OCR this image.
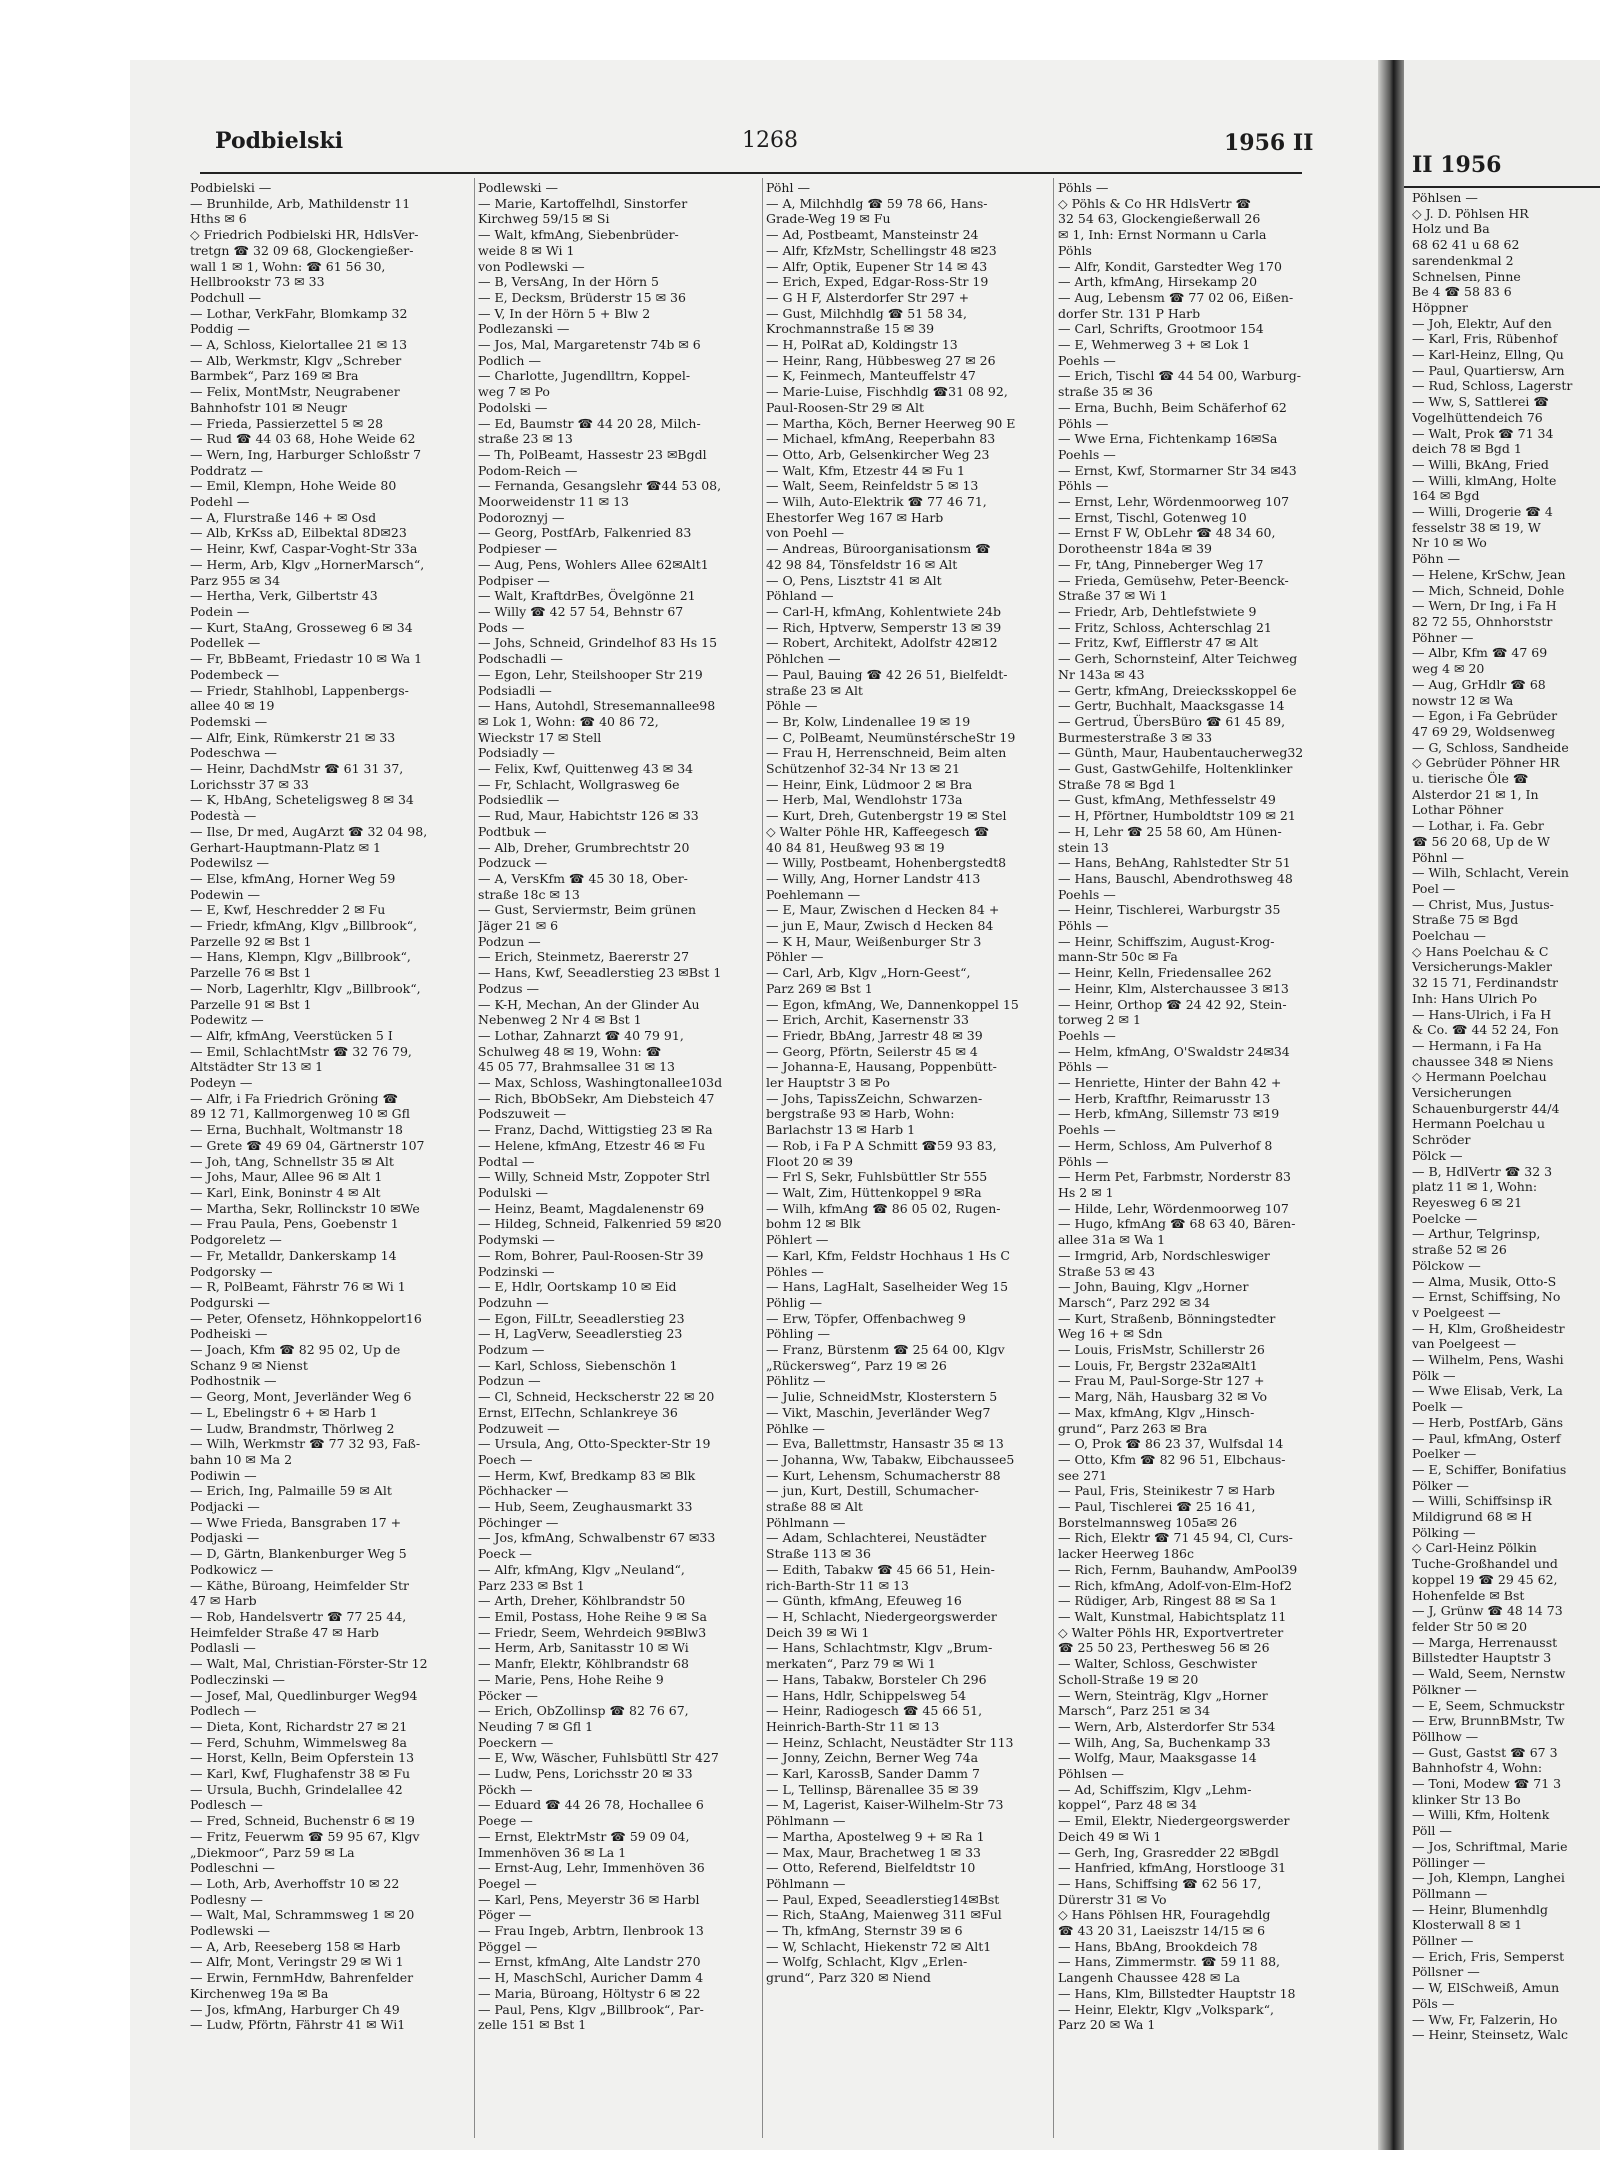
Podbielski	1268	1956 II
II 1956
Podbielski —
— Brunhilde, Arb, Mathildenstr 11
Hths ✉ 6
◇ Friedrich Podbielski HR, HdlsVer-
tretgn ☎ 32 09 68, Glockengießer-
wall 1 ✉ 1, Wohn: ☎ 61 56 30,
Hellbrookstr 73 ✉ 33
Podchull —
— Lothar, VerkFahr, Blomkamp 32
Poddig —
— A, Schloss, Kielortallee 21 ✉ 13
— Alb, Werkmstr, Klgv „Schreber
Barmbek“, Parz 169 ✉ Bra
— Felix, MontMstr, Neugrabener
Bahnhofstr 101 ✉ Neugr
— Frieda, Passierzettel 5 ✉ 28
— Rud ☎ 44 03 68, Hohe Weide 62
— Wern, Ing, Harburger Schloßstr 7
Poddratz —
— Emil, Klempn, Hohe Weide 80
Podehl —
— A, Flurstraße 146 + ✉ Osd
— Alb, KrKss aD, Eilbektal 8D✉23
— Heinr, Kwf, Caspar-Voght-Str 33a
— Herm, Arb, Klgv „HornerMarsch“,
Parz 955 ✉ 34
— Hertha, Verk, Gilbertstr 43
Podein —
— Kurt, StaAng, Grosseweg 6 ✉ 34
Podellek —
— Fr, BbBeamt, Friedastr 10 ✉ Wa 1
Podembeck —
— Friedr, Stahlhobl, Lappenbergs-
allee 40 ✉ 19
Podemski —
— Alfr, Eink, Rümkerstr 21 ✉ 33
Podeschwa —
— Heinr, DachdMstr ☎ 61 31 37,
Lorichsstr 37 ✉ 33
— K, HbAng, Scheteligsweg 8 ✉ 34
Podestà —
— Ilse, Dr med, AugArzt ☎ 32 04 98,
Gerhart-Hauptmann-Platz ✉ 1
Podewilsz —
— Else, kfmAng, Horner Weg 59
Podewin —
— E, Kwf, Heschredder 2 ✉ Fu
— Friedr, kfmAng, Klgv „Billbrook“,
Parzelle 92 ✉ Bst 1
— Hans, Klempn, Klgv „Billbrook“,
Parzelle 76 ✉ Bst 1
— Norb, Lagerhltr, Klgv „Billbrook“,
Parzelle 91 ✉ Bst 1
Podewitz —
— Alfr, kfmAng, Veerstücken 5 I
— Emil, SchlachtMstr ☎ 32 76 79,
Altstädter Str 13 ✉ 1
Podeyn —
— Alfr, i Fa Friedrich Gröning ☎
89 12 71, Kallmorgenweg 10 ✉ Gfl
— Erna, Buchhalt, Woltmanstr 18
— Grete ☎ 49 69 04, Gärtnerstr 107
— Joh, tAng, Schnellstr 35 ✉ Alt
— Johs, Maur, Allee 96 ✉ Alt 1
— Karl, Eink, Boninstr 4 ✉ Alt
— Martha, Sekr, Rollinckstr 10 ✉We
— Frau Paula, Pens, Goebenstr 1
Podgoreletz —
— Fr, Metalldr, Dankerskamp 14
Podgorsky —
— R, PolBeamt, Fährstr 76 ✉ Wi 1
Podgurski —
— Peter, Ofensetz, Höhnkoppelort16
Podheiski —
— Joach, Kfm ☎ 82 95 02, Up de
Schanz 9 ✉ Nienst
Podhostnik —
— Georg, Mont, Jeverländer Weg 6
— L, Ebelingstr 6 + ✉ Harb 1
— Ludw, Brandmstr, Thörlweg 2
— Wilh, Werkmstr ☎ 77 32 93, Faß-
bahn 10 ✉ Ma 2
Podiwin —
— Erich, Ing, Palmaille 59 ✉ Alt
Podjacki —
— Wwe Frieda, Bansgraben 17 +
Podjaski —
— D, Gärtn, Blankenburger Weg 5
Podkowicz —
— Käthe, Büroang, Heimfelder Str
47 ✉ Harb
— Rob, Handelsvertr ☎ 77 25 44,
Heimfelder Straße 47 ✉ Harb
Podlasli —
— Walt, Mal, Christian-Förster-Str 12
Podleczinski —
— Josef, Mal, Quedlinburger Weg94
Podlech —
— Dieta, Kont, Richardstr 27 ✉ 21
— Ferd, Schuhm, Wimmelsweg 8a
— Horst, Kelln, Beim Opferstein 13
— Karl, Kwf, Flughafenstr 38 ✉ Fu
— Ursula, Buchh, Grindelallee 42
Podlesch —
— Fred, Schneid, Buchenstr 6 ✉ 19
— Fritz, Feuerwm ☎ 59 95 67, Klgv
„Diekmoor“, Parz 59 ✉ La
Podleschni —
— Loth, Arb, Averhoffstr 10 ✉ 22
Podlesny —
— Walt, Mal, Schrammsweg 1 ✉ 20
Podlewski —
— A, Arb, Reeseberg 158 ✉ Harb
— Alfr, Mont, Veringstr 29 ✉ Wi 1
— Erwin, FernmHdw, Bahrenfelder
Kirchenweg 19a ✉ Ba
— Jos, kfmAng, Harburger Ch 49
— Ludw, Pförtn, Fährstr 41 ✉ Wi1
Podlewski —
— Marie, Kartoffelhdl, Sinstorfer
Kirchweg 59/15 ✉ Si
— Walt, kfmAng, Siebenbrüder-
weide 8 ✉ Wi 1
von Podlewski —
— B, VersAng, In der Hörn 5
— E, Decksm, Brüderstr 15 ✉ 36
— V, In der Hörn 5 + Blw 2
Podlezanski —
— Jos, Mal, Margaretenstr 74b ✉ 6
Podlich —
— Charlotte, Jugendlltrn, Koppel-
weg 7 ✉ Po
Podolski —
— Ed, Baumstr ☎ 44 20 28, Milch-
straße 23 ✉ 13
— Th, PolBeamt, Hassestr 23 ✉Bgdl
Podom-Reich —
— Fernanda, Gesangslehr ☎44 53 08,
Moorweidenstr 11 ✉ 13
Podoroznyj —
— Georg, PostfArb, Falkenried 83
Podpieser —
— Aug, Pens, Wohlers Allee 62✉Alt1
Podpiser —
— Walt, KraftdrBes, Övelgönne 21
— Willy ☎ 42 57 54, Behnstr 67
Pods —
— Johs, Schneid, Grindelhof 83 Hs 15
Podschadli —
— Egon, Lehr, Steilshooper Str 219
Podsiadli —
— Hans, Autohdl, Stresemannallee98
✉ Lok 1, Wohn: ☎ 40 86 72,
Wieckstr 17 ✉ Stell
Podsiadly —
— Felix, Kwf, Quittenweg 43 ✉ 34
— Fr, Schlacht, Wollgrasweg 6e
Podsiedlik —
— Rud, Maur, Habichtstr 126 ✉ 33
Podtbuk —
— Alb, Dreher, Grumbrechtstr 20
Podzuck —
— A, VersKfm ☎ 45 30 18, Ober-
straße 18c ✉ 13
— Gust, Serviermstr, Beim grünen
Jäger 21 ✉ 6
Podzun —
— Erich, Steinmetz, Baererstr 27
— Hans, Kwf, Seeadlerstieg 23 ✉Bst 1
Podzus —
— K-H, Mechan, An der Glinder Au
Nebenweg 2 Nr 4 ✉ Bst 1
— Lothar, Zahnarzt ☎ 40 79 91,
Schulweg 48 ✉ 19, Wohn: ☎
45 05 77, Brahmsallee 31 ✉ 13
— Max, Schloss, Washingtonallee103d
— Rich, BbObSekr, Am Diebsteich 47
Podszuweit —
— Franz, Dachd, Wittigstieg 23 ✉ Ra
— Helene, kfmAng, Etzestr 46 ✉ Fu
Podtal —
— Willy, Schneid Mstr, Zoppoter Strl
Podulski —
— Heinz, Beamt, Magdalenenstr 69
— Hildeg, Schneid, Falkenried 59 ✉20
Podymski —
— Rom, Bohrer, Paul-Roosen-Str 39
Podzinski —
— E, Hdlr, Oortskamp 10 ✉ Eid
Podzuhn —
— Egon, FilLtr, Seeadlerstieg 23
— H, LagVerw, Seeadlerstieg 23
Podzum —
— Karl, Schloss, Siebenschön 1
Podzun —
— Cl, Schneid, Heckscherstr 22 ✉ 20
Ernst, ElTechn, Schlankreye 36
Podzuweit —
— Ursula, Ang, Otto-Speckter-Str 19
Poech —
— Herm, Kwf, Bredkamp 83 ✉ Blk
Pöchhacker —
— Hub, Seem, Zeughausmarkt 33
Pöchinger —
— Jos, kfmAng, Schwalbenstr 67 ✉33
Poeck —
— Alfr, kfmAng, Klgv „Neuland“,
Parz 233 ✉ Bst 1
— Arth, Dreher, Köhlbrandstr 50
— Emil, Postass, Hohe Reihe 9 ✉ Sa
— Friedr, Seem, Wehrdeich 9✉Blw3
— Herm, Arb, Sanitasstr 10 ✉ Wi
— Manfr, Elektr, Köhlbrandstr 68
— Marie, Pens, Hohe Reihe 9
Pöcker —
— Erich, ObZollinsp ☎ 82 76 67,
Neuding 7 ✉ Gfl 1
Poeckern —
— E, Ww, Wäscher, Fuhlsbüttl Str 427
— Ludw, Pens, Lorichsstr 20 ✉ 33
Pöckh —
— Eduard ☎ 44 26 78, Hochallee 6
Poege —
— Ernst, ElektrMstr ☎ 59 09 04,
Immenhöven 36 ✉ La 1
— Ernst-Aug, Lehr, Immenhöven 36
Poegel —
— Karl, Pens, Meyerstr 36 ✉ Harbl
Pöger —
— Frau Ingeb, Arbtrn, Ilenbrook 13
Pöggel —
— Ernst, kfmAng, Alte Landstr 270
— H, MaschSchl, Auricher Damm 4
— Maria, Büroang, Höltystr 6 ✉ 22
— Paul, Pens, Klgv „Billbrook“, Par-
zelle 151 ✉ Bst 1
Pöhl —
— A, Milchhdlg ☎ 59 78 66, Hans-
Grade-Weg 19 ✉ Fu
— Ad, Postbeamt, Mansteinstr 24
— Alfr, KfzMstr, Schellingstr 48 ✉23
— Alfr, Optik, Eupener Str 14 ✉ 43
— Erich, Exped, Edgar-Ross-Str 19
— G H F, Alsterdorfer Str 297 +
— Gust, Milchhdlg ☎ 51 58 34,
Krochmannstraße 15 ✉ 39
— H, PolRat aD, Koldingstr 13
— Heinr, Rang, Hübbesweg 27 ✉ 26
— K, Feinmech, Manteuffelstr 47
— Marie-Luise, Fischhdlg ☎31 08 92,
Paul-Roosen-Str 29 ✉ Alt
— Martha, Köch, Berner Heerweg 90 E
— Michael, kfmAng, Reeperbahn 83
— Otto, Arb, Gelsenkircher Weg 23
— Walt, Kfm, Etzestr 44 ✉ Fu 1
— Walt, Seem, Reinfeldstr 5 ✉ 13
— Wilh, Auto-Elektrik ☎ 77 46 71,
Ehestorfer Weg 167 ✉ Harb
von Poehl —
— Andreas, Büroorganisationsm ☎
42 98 84, Tönsfeldstr 16 ✉ Alt
— O, Pens, Lisztstr 41 ✉ Alt
Pöhland —
— Carl-H, kfmAng, Kohlentwiete 24b
— Rich, Hptverw, Semperstr 13 ✉ 39
— Robert, Architekt, Adolfstr 42✉12
Pöhlchen —
— Paul, Bauing ☎ 42 26 51, Bielfeldt-
straße 23 ✉ Alt
Pöhle —
— Br, Kolw, Lindenallee 19 ✉ 19
— C, PolBeamt, NeumünstérscheStr 19
— Frau H, Herrenschneid, Beim alten
Schützenhof 32-34 Nr 13 ✉ 21
— Heinr, Eink, Lüdmoor 2 ✉ Bra
— Herb, Mal, Wendlohstr 173a
— Kurt, Dreh, Gutenbergstr 19 ✉ Stel
◇ Walter Pöhle HR, Kaffeegesch ☎
40 84 81, Heußweg 93 ✉ 19
— Willy, Postbeamt, Hohenbergstedt8
— Willy, Ang, Horner Landstr 413
Poehlemann —
— E, Maur, Zwischen d Hecken 84 +
— jun E, Maur, Zwisch d Hecken 84
— K H, Maur, Weißenburger Str 3
Pöhler —
— Carl, Arb, Klgv „Horn-Geest“,
Parz 269 ✉ Bst 1
— Egon, kfmAng, We, Dannenkoppel 15
— Erich, Archit, Kasernenstr 33
— Friedr, BbAng, Jarrestr 48 ✉ 39
— Georg, Pförtn, Seilerstr 45 ✉ 4
— Johanna-E, Hausang, Poppenbütt-
ler Hauptstr 3 ✉ Po
— Johs, TapissZeichn, Schwarzen-
bergstraße 93 ✉ Harb, Wohn:
Barlachstr 13 ✉ Harb 1
— Rob, i Fa P A Schmitt ☎59 93 83,
Floot 20 ✉ 39
— Frl S, Sekr, Fuhlsbüttler Str 555
— Walt, Zim, Hüttenkoppel 9 ✉Ra
— Wilh, kfmAng ☎ 86 05 02, Rugen-
bohm 12 ✉ Blk
Pöhlert —
— Karl, Kfm, Feldstr Hochhaus 1 Hs C
Pöhles —
— Hans, LagHalt, Saselheider Weg 15
Pöhlig —
— Erw, Töpfer, Offenbachweg 9
Pöhling —
— Franz, Bürstenm ☎ 25 64 00, Klgv
„Rückersweg“, Parz 19 ✉ 26
Pöhlitz —
— Julie, SchneidMstr, Klosterstern 5
— Vikt, Maschin, Jeverländer Weg7
Pöhlke —
— Eva, Ballettmstr, Hansastr 35 ✉ 13
— Johanna, Ww, Tabakw, Eibchaussee5
— Kurt, Lehensm, Schumacherstr 88
— jun, Kurt, Destill, Schumacher-
straße 88 ✉ Alt
Pöhlmann —
— Adam, Schlachterei, Neustädter
Straße 113 ✉ 36
— Edith, Tabakw ☎ 45 66 51, Hein-
rich-Barth-Str 11 ✉ 13
— Günth, kfmAng, Efeuweg 16
— H, Schlacht, Niedergeorgswerder
Deich 39 ✉ Wi 1
— Hans, Schlachtmstr, Klgv „Brum-
merkaten“, Parz 79 ✉ Wi 1
— Hans, Tabakw, Borsteler Ch 296
— Hans, Hdlr, Schippelsweg 54
— Heinr, Radiogesch ☎ 45 66 51,
Heinrich-Barth-Str 11 ✉ 13
— Heinz, Schlacht, Neustädter Str 113
— Jonny, Zeichn, Berner Weg 74a
— Karl, KarossB, Sander Damm 7
— L, Tellinsp, Bärenallee 35 ✉ 39
— M, Lagerist, Kaiser-Wilhelm-Str 73
Pöhlmann —
— Martha, Apostelweg 9 + ✉ Ra 1
— Max, Maur, Brachetweg 1 ✉ 33
— Otto, Referend, Bielfeldtstr 10
Pöhlmann —
— Paul, Exped, Seeadlerstieg14✉Bst
— Rich, StaAng, Maienweg 311 ✉Ful
— Th, kfmAng, Sternstr 39 ✉ 6
— W, Schlacht, Hiekenstr 72 ✉ Alt1
— Wolfg, Schlacht, Klgv „Erlen-
grund“, Parz 320 ✉ Niend
Pöhls —
◇ Pöhls & Co HR HdlsVertr ☎
32 54 63, Glockengießerwall 26
✉ 1, Inh: Ernst Normann u Carla
Pöhls
— Alfr, Kondit, Garstedter Weg 170
— Arth, kfmAng, Hirsekamp 20
— Aug, Lebensm ☎ 77 02 06, Eißen-
dorfer Str. 131 P Harb
— Carl, Schrifts, Grootmoor 154
— E, Wehmerweg 3 + ✉ Lok 1
Poehls —
— Erich, Tischl ☎ 44 54 00, Warburg-
straße 35 ✉ 36
— Erna, Buchh, Beim Schäferhof 62
Pöhls —
— Wwe Erna, Fichtenkamp 16✉Sa
Poehls —
— Ernst, Kwf, Stormarner Str 34 ✉43
Pöhls —
— Ernst, Lehr, Wördenmoorweg 107
— Ernst, Tischl, Gotenweg 10
— Ernst F W, ObLehr ☎ 48 34 60,
Dorotheenstr 184a ✉ 39
— Fr, tAng, Pinneberger Weg 17
— Frieda, Gemüsehw, Peter-Beenck-
Straße 37 ✉ Wi 1
— Friedr, Arb, Dehtlefstwiete 9
— Fritz, Schloss, Achterschlag 21
— Fritz, Kwf, Eifflerstr 47 ✉ Alt
— Gerh, Schornsteinf, Alter Teichweg
Nr 143a ✉ 43
— Gertr, kfmAng, Dreiecksskoppel 6e
— Gertr, Buchhalt, Maacksgasse 14
— Gertrud, ÜbersBüro ☎ 61 45 89,
Burmesterstraße 3 ✉ 33
— Günth, Maur, Haubentaucherweg32
— Gust, GastwGehilfe, Holtenklinker
Straße 78 ✉ Bgd 1
— Gust, kfmAng, Methfesselstr 49
— H, Pförtner, Humboldtstr 109 ✉ 21
— H, Lehr ☎ 25 58 60, Am Hünen-
stein 13
— Hans, BehAng, Rahlstedter Str 51
— Hans, Bauschl, Abendrothsweg 48
Poehls —
— Heinr, Tischlerei, Warburgstr 35
Pöhls —
— Heinr, Schiffszim, August-Krog-
mann-Str 50c ✉ Fa
— Heinr, Kelln, Friedensallee 262
— Heinr, Klm, Alsterchaussee 3 ✉13
— Heinr, Orthop ☎ 24 42 92, Stein-
torweg 2 ✉ 1
Poehls —
— Helm, kfmAng, O'Swaldstr 24✉34
Pöhls —
— Henriette, Hinter der Bahn 42 +
— Herb, Kraftfhr, Reimarusstr 13
— Herb, kfmAng, Sillemstr 73 ✉19
Poehls —
— Herm, Schloss, Am Pulverhof 8
Pöhls —
— Herm Pet, Farbmstr, Norderstr 83
Hs 2 ✉ 1
— Hilde, Lehr, Wördenmoorweg 107
— Hugo, kfmAng ☎ 68 63 40, Bären-
allee 31a ✉ Wa 1
— Irmgrid, Arb, Nordschleswiger
Straße 53 ✉ 43
— John, Bauing, Klgv „Horner
Marsch“, Parz 292 ✉ 34
— Kurt, Straßenb, Bönningstedter
Weg 16 + ✉ Sdn
— Louis, FrisMstr, Schillerstr 26
— Louis, Fr, Bergstr 232a✉Alt1
— Frau M, Paul-Sorge-Str 127 +
— Marg, Näh, Hausbarg 32 ✉ Vo
— Max, kfmAng, Klgv „Hinsch-
grund“, Parz 263 ✉ Bra
— O, Prok ☎ 86 23 37, Wulfsdal 14
— Otto, Kfm ☎ 82 96 51, Elbchaus-
see 271
— Paul, Fris, Steinikestr 7 ✉ Harb
— Paul, Tischlerei ☎ 25 16 41,
Borstelmannsweg 105a✉ 26
— Rich, Elektr ☎ 71 45 94, Cl, Curs-
lacker Heerweg 186c
— Rich, Fernm, Bauhandw, AmPool39
— Rich, kfmAng, Adolf-von-Elm-Hof2
— Rüdiger, Arb, Ringest 88 ✉ Sa 1
— Walt, Kunstmal, Habichtsplatz 11
◇ Walter Pöhls HR, Exportvertreter
☎ 25 50 23, Perthesweg 56 ✉ 26
— Walter, Schloss, Geschwister
Scholl-Straße 19 ✉ 20
— Wern, Steinträg, Klgv „Horner
Marsch“, Parz 251 ✉ 34
— Wern, Arb, Alsterdorfer Str 534
— Wilh, Ang, Sa, Buchenkamp 33
— Wolfg, Maur, Maaksgasse 14
Pöhlsen —
— Ad, Schiffszim, Klgv „Lehm-
koppel“, Parz 48 ✉ 34
— Emil, Elektr, Niedergeorgswerder
Deich 49 ✉ Wi 1
— Gerh, Ing, Grasredder 22 ✉Bgdl
— Hanfried, kfmAng, Horstlooge 31
— Hans, Schiffsing ☎ 62 56 17,
Dürerstr 31 ✉ Vo
◇ Hans Pöhlsen HR, Fouragehdlg
☎ 43 20 31, Laeiszstr 14/15 ✉ 6
— Hans, BbAng, Brookdeich 78
— Hans, Zimmermstr. ☎ 59 11 88,
Langenh Chaussee 428 ✉ La
— Hans, Klm, Billstedter Hauptstr 18
— Heinr, Elektr, Klgv „Volkspark“,
Parz 20 ✉ Wa 1
Pöhlsen —
◇ J. D. Pöhlsen HR
Holz und Ba
68 62 41 u 68 62
sarendenkmal 2
Schnelsen, Pinne
Be 4 ☎ 58 83 6
Höppner
— Joh, Elektr, Auf den
— Karl, Fris, Rübenhof
— Karl-Heinz, Ellng, Qu
— Paul, Quartiersw, Arn
— Rud, Schloss, Lagerstr
— Ww, S, Sattlerei ☎
Vogelhüttendeich 76
— Walt, Prok ☎ 71 34
deich 78 ✉ Bgd 1
— Willi, BkAng, Fried
— Willi, klmAng, Holte
164 ✉ Bgd
— Willi, Drogerie ☎ 4
fesselstr 38 ✉ 19, W
Nr 10 ✉ Wo
Pöhn —
— Helene, KrSchw, Jean
— Mich, Schneid, Dohle
— Wern, Dr Ing, i Fa H
82 72 55, Ohnhorststr
Pöhner —
— Albr, Kfm ☎ 47 69
weg 4 ✉ 20
— Aug, GrHdlr ☎ 68
nowstr 12 ✉ Wa
— Egon, i Fa Gebrüder
47 69 29, Woldsenweg
— G, Schloss, Sandheide
◇ Gebrüder Pöhner HR
u. tierische Öle ☎
Alsterdor 21 ✉ 1, In
Lothar Pöhner
— Lothar, i. Fa. Gebr
☎ 56 20 68, Up de W
Pöhnl —
— Wilh, Schlacht, Verein
Poel —
— Christ, Mus, Justus-
Straße 75 ✉ Bgd
Poelchau —
◇ Hans Poelchau & C
Versicherungs-Makler
32 15 71, Ferdinandstr
Inh: Hans Ulrich Po
— Hans-Ulrich, i Fa H
& Co. ☎ 44 52 24, Fon
— Hermann, i Fa Ha
chaussee 348 ✉ Niens
◇ Hermann Poelchau
Versicherungen
Schauenburgerstr 44/4
Hermann Poelchau u
Schröder
Pölck —
— B, HdlVertr ☎ 32 3
platz 11 ✉ 1, Wohn:
Reyesweg 6 ✉ 21
Poelcke —
— Arthur, Telgrinsp,
straße 52 ✉ 26
Pölckow —
— Alma, Musik, Otto-S
— Ernst, Schiffsing, No
v Poelgeest —
— H, Klm, Großheidestr
van Poelgeest —
— Wilhelm, Pens, Washi
Pölk —
— Wwe Elisab, Verk, La
Poelk —
— Herb, PostfArb, Gäns
— Paul, kfmAng, Osterf
Poelker —
— E, Schiffer, Bonifatius
Pölker —
— Willi, Schiffsinsp iR
Mildigrund 68 ✉ H
Pölking —
◇ Carl-Heinz Pölkin
Tuche-Großhandel und
koppel 19 ☎ 29 45 62,
Hohenfelde ✉ Bst
— J, Grünw ☎ 48 14 73
felder Str 50 ✉ 20
— Marga, Herrenausst
Billstedter Hauptstr 3
— Wald, Seem, Nernstw
Pölkner —
— E, Seem, Schmuckstr
— Erw, BrunnBMstr, Tw
Pöllhow —
— Gust, Gastst ☎ 67 3
Bahnhofstr 4, Wohn:
— Toni, Modew ☎ 71 3
klinker Str 13 Bo
— Willi, Kfm, Holtenk
Pöll —
— Jos, Schriftmal, Marie
Pöllinger —
— Joh, Klempn, Langhei
Pöllmann —
— Heinr, Blumenhdlg
Klosterwall 8 ✉ 1
Pöllner —
— Erich, Fris, Semperst
Pöllsner —
— W, ElSchweiß, Amun
Pöls —
— Ww, Fr, Falzerin, Ho
— Heinr, Steinsetz, Walc
